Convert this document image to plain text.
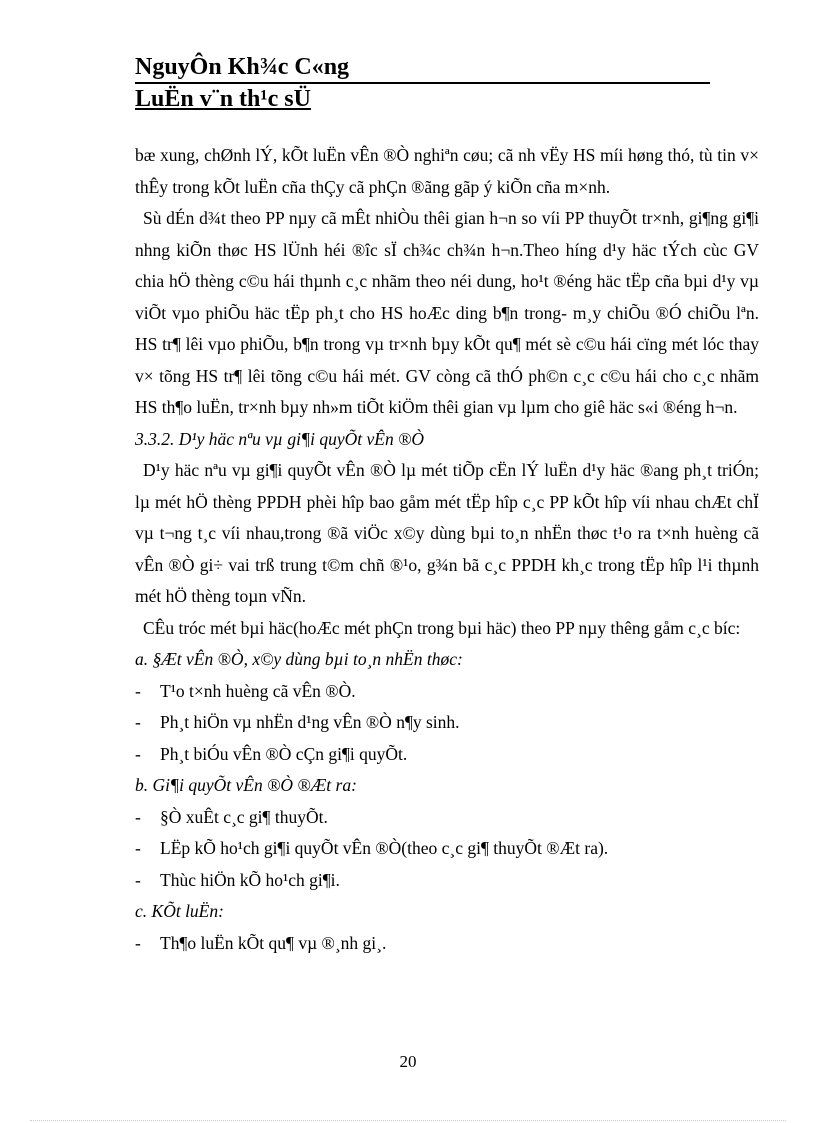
NguyÔn Kh¾c C«ng
LuËn v¨n th¹c sÜ

bæ xung, chØnh lÝ, kÕt luËn vÊn ®Ò nghiªn cøu; cã nh vËy HS míi høng thó, tù tin v× thÊy trong kÕt luËn cña thÇy cã phÇn ®ãng gãp ý kiÕn cña m×nh.

Sù dÉn d¾t theo PP nµy cã mÊt nhiÒu thêi gian h¬n so víi PP thuyÕt tr×nh, gi¶ng gi¶i nhng kiÕn thøc HS lÜnh héi ®îc sÏ ch¾c ch¾n h¬n.Theo híng d¹y häc tÝch cùc GV chia hÖ thèng c©u hái thµnh c¸c nhãm theo néi dung, ho¹t ®éng häc tËp cña bµi d¹y vµ viÕt vµo phiÕu häc tËp ph¸t cho HS hoÆc ding b¶n trong- m¸y chiÕu ®Ó chiÕu lªn. HS tr¶ lêi vµo phiÕu, b¶n trong vµ tr×nh bµy kÕt qu¶ mét sè c©u hái cïng mét lóc thay v× tõng HS tr¶ lêi tõng c©u hái mét. GV còng cã thÓ ph©n c¸c c©u hái cho c¸c nhãm HS th¶o luËn, tr×nh bµy nh»m tiÕt kiÖm thêi gian vµ lµm cho giê häc s«i ®éng h¬n.

3.3.2. D¹y häc nªu vµ gi¶i quyÕt vÊn ®Ò

D¹y häc nªu vµ gi¶i quyÕt vÊn ®Ò lµ mét tiÕp cËn lÝ luËn d¹y häc ®ang ph¸t triÓn; lµ mét hÖ thèng PPDH phèi hîp bao gåm mét tËp hîp c¸c PP kÕt hîp víi nhau chÆt chÏ vµ t¬ng t¸c víi nhau,trong ®ã viÖc x©y dùng bµi to¸n nhËn thøc t¹o ra t×nh huèng cã vÊn ®Ò gi÷ vai trß trung t©m chñ ®¹o, g¾n bã c¸c PPDH kh¸c trong tËp hîp l¹i thµnh mét hÖ thèng toµn vÑn.

CÊu tróc mét bµi häc(hoÆc mét phÇn trong bµi häc) theo PP nµy thêng gåm c¸c bíc:

a. §Æt vÊn ®Ò, x©y dùng bµi to¸n nhËn thøc:

-	T¹o t×nh huèng cã vÊn ®Ò.
-	Ph¸t hiÖn vµ nhËn d¹ng vÊn ®Ò n¶y sinh.
-	Ph¸t biÓu vÊn ®Ò cÇn gi¶i quyÕt.

b. Gi¶i quyÕt vÊn ®Ò ®Æt ra:

-	§Ò xuÊt c¸c gi¶ thuyÕt.
-	LËp kÕ ho¹ch gi¶i quyÕt vÊn ®Ò(theo c¸c gi¶ thuyÕt ®Æt ra).
-	Thùc hiÖn kÕ ho¹ch gi¶i.

c. KÕt luËn:

-	Th¶o luËn kÕt qu¶ vµ ®¸nh gi¸.
20
